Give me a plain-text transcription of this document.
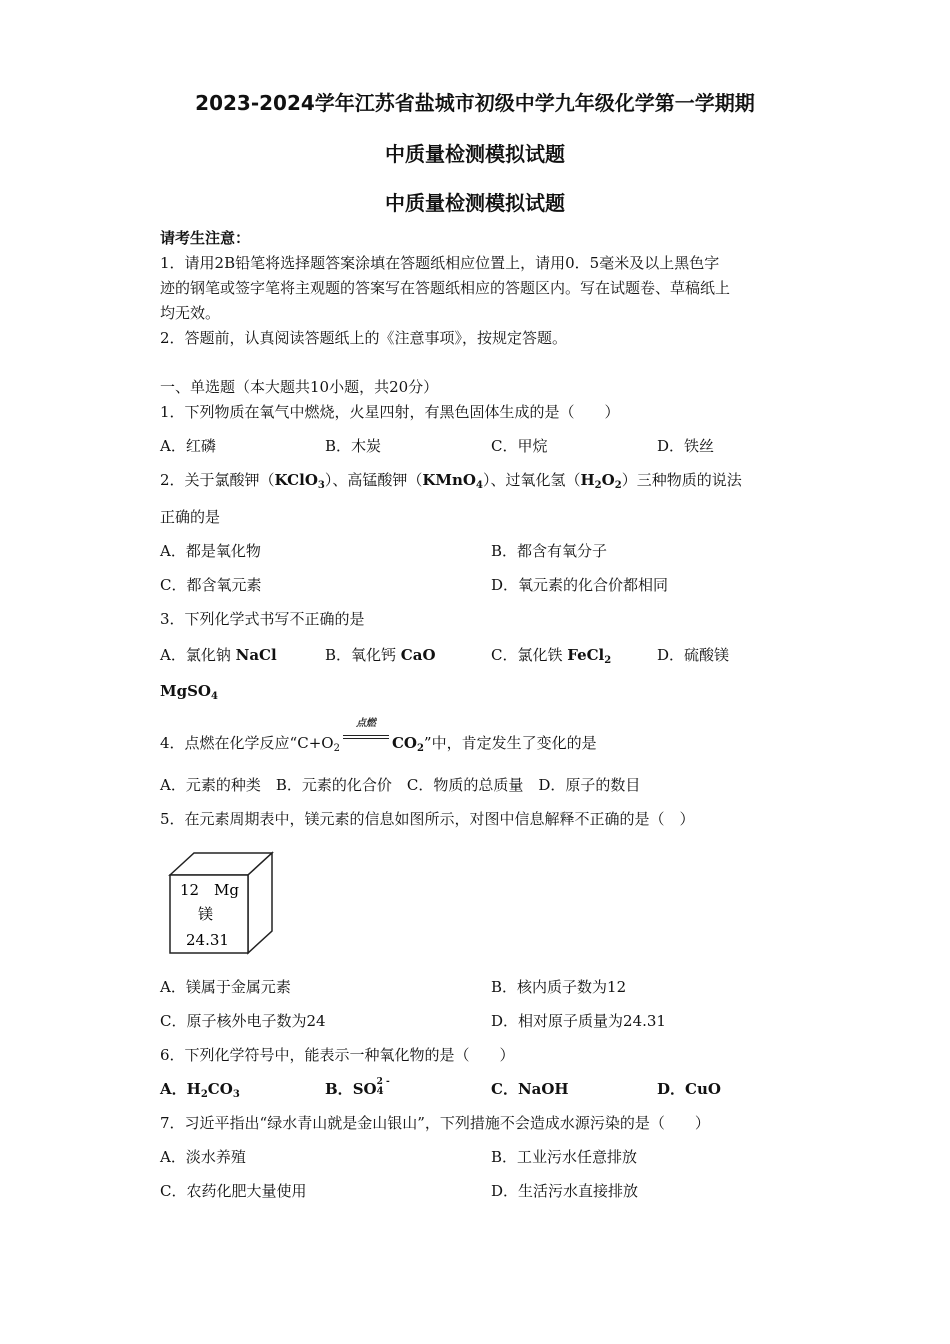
2023-2024学年江苏省盐城市初级中学九年级化学第一学期期
中质量检测模拟试题
中质量检测模拟试题
请考生注意：
1．请用2B铅笔将选择题答案涂填在答题纸相应位置上，请用0．5毫米及以上黑色字
迹的钢笔或签字笔将主观题的答案写在答题纸相应的答题区内。写在试题卷、草稿纸上
均无效。
2．答题前，认真阅读答题纸上的《注意事项》，按规定答题。
一、单选题（本大题共10小题，共20分）
1．下列物质在氧气中燃烧，火星四射，有黑色固体生成的是（　　）
A．红磷	B．木炭	C．甲烷	D．铁丝
2．关于氯酸钾（KClO$_3$）、高锰酸钾（KMnO$_4$）、过氧化氢$(H_2O_2)$三种物质的说法
正确的是
A．都是氧化物	B．都含有氧分子
C．都含氧元素	D．氧元素的化合价都相同
3．下列化学式书写不正确的是
A．氯化钠 NaCl	B．氧化钙 CaO	C．氯化铁 FeCl$_2$	D．硫酸镁
MgSO$_4$
4．点燃在化学反应“$C+O_2$
点燃
$CO_2$”中，肯定发生了变化的是
A．元素的种类　B．元素的化合价　C．物质的总质量　D．原子的数目
5．在元素周期表中，镁元素的信息如图所示，对图中信息解释不正确的是（　）
12 Mg
镁
24.31
A．镁属于金属元素	B．核内质子数为12
C．原子核外电子数为24	D．相对原子质量为24.31
6．下列化学符号中，能表示一种氧化物的是（　　）
A．$H_2CO_3$	B．SO 2 -
4	C．NaOH	D．CuO
7．习近平指出“绿水青山就是金山银山”，下列措施不会造成水源污染的是（　　）
A．淡水养殖	B．工业污水任意排放
C．农药化肥大量使用	D．生活污水直接排放
